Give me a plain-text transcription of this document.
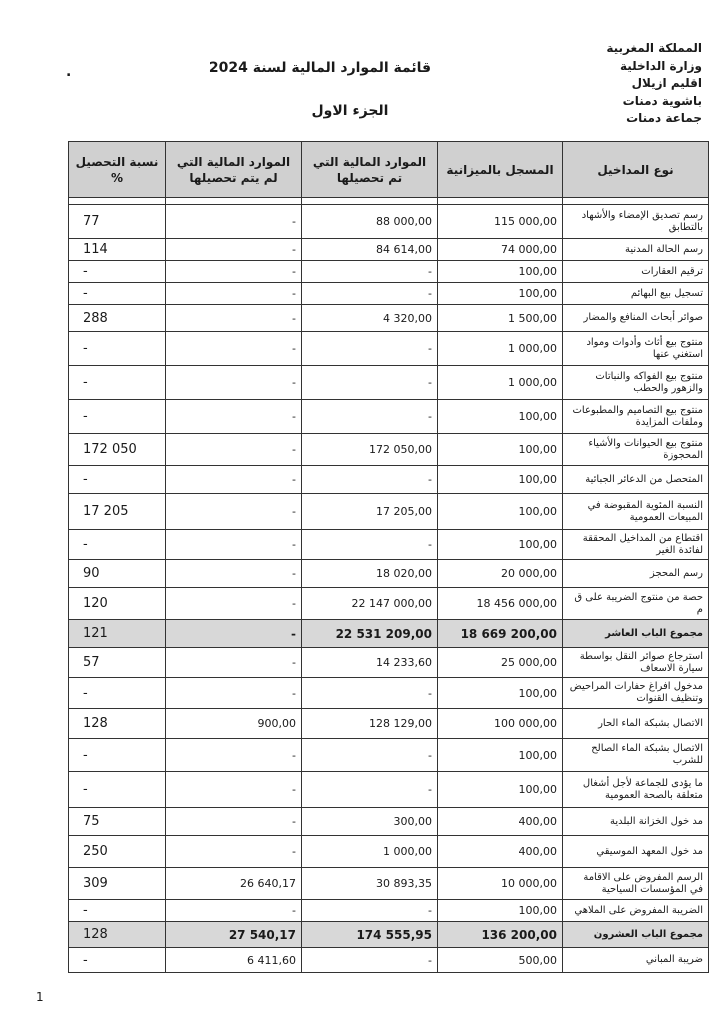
المملكة المغربية
وزارة الداخلية
اقليم ازيلال
باشوية دمنات
جماعة دمنات
قائمة الموارد المالية لسنة 2024
الجزء الاول
.
نسبة التحصيل %	الموارد المالية التي لم يتم تحصيلها	الموارد المالية التي تم تحصيلها	المسجل بالميزانية	نوع المداخيل

77	-	88 000,00	115 000,00	رسم تصديق الإمضاء والأشهاد بالتطابق
114	-	84 614,00	74 000,00	رسم الحالة المدنية
-	-	-	100,00	ترقيم العقارات
-	-	-	100,00	تسجيل بيع البهائم
288	-	4 320,00	1 500,00	صوائر أبحاث المنافع والمضار
-	-	-	1 000,00	منتوج بيع أثاث وأدوات ومواد استغني عنها
-	-	-	1 000,00	منتوج بيع الفواكه والنباتات والزهور والحطب
-	-	-	100,00	منتوج بيع التصاميم والمطبوعات وملفات المزايدة
172 050	-	172 050,00	100,00	منتوج بيع الحيوانات والأشياء المحجوزة
-	-	-	100,00	المتحصل من الدعائر الجبائية
17 205	-	17 205,00	100,00	النسبة المئوية المقبوضة في المبيعات العمومية
-	-	-	100,00	اقتطاع من المداخيل المحققة لفائدة الغير
90	-	18 020,00	20 000,00	رسم المحجز
120	-	22 147 000,00	18 456 000,00	حصة من منتوج الضريبة على ق م
121	-	22 531 209,00	18 669 200,00	مجموع الباب العاشر
57	-	14 233,60	25 000,00	استرجاع صوائر النقل بواسطة سيارة الاسعاف
-	-	-	100,00	مدخول افراغ حفارات المراحيض وتنظيف القنوات
128	900,00	128 129,00	100 000,00	الاتصال بشبكة الماء الحار
-	-	-	100,00	الاتصال بشبكة الماء الصالح للشرب
-	-	-	100,00	ما يؤدى للجماعة لأجل أشغال متعلقة بالصحة العمومية
75	-	300,00	400,00	مد خول الخزانة البلدية
250	-	1 000,00	400,00	مد خول المعهد الموسيقي
309	26 640,17	30 893,35	10 000,00	الرسم المفروض على الاقامة في المؤسسات السياحية
-	-	-	100,00	الضريبة المفروض على الملاهي
128	27 540,17	174 555,95	136 200,00	مجموع الباب العشرون
-	6 411,60	-	500,00	ضريبة المباني
1
